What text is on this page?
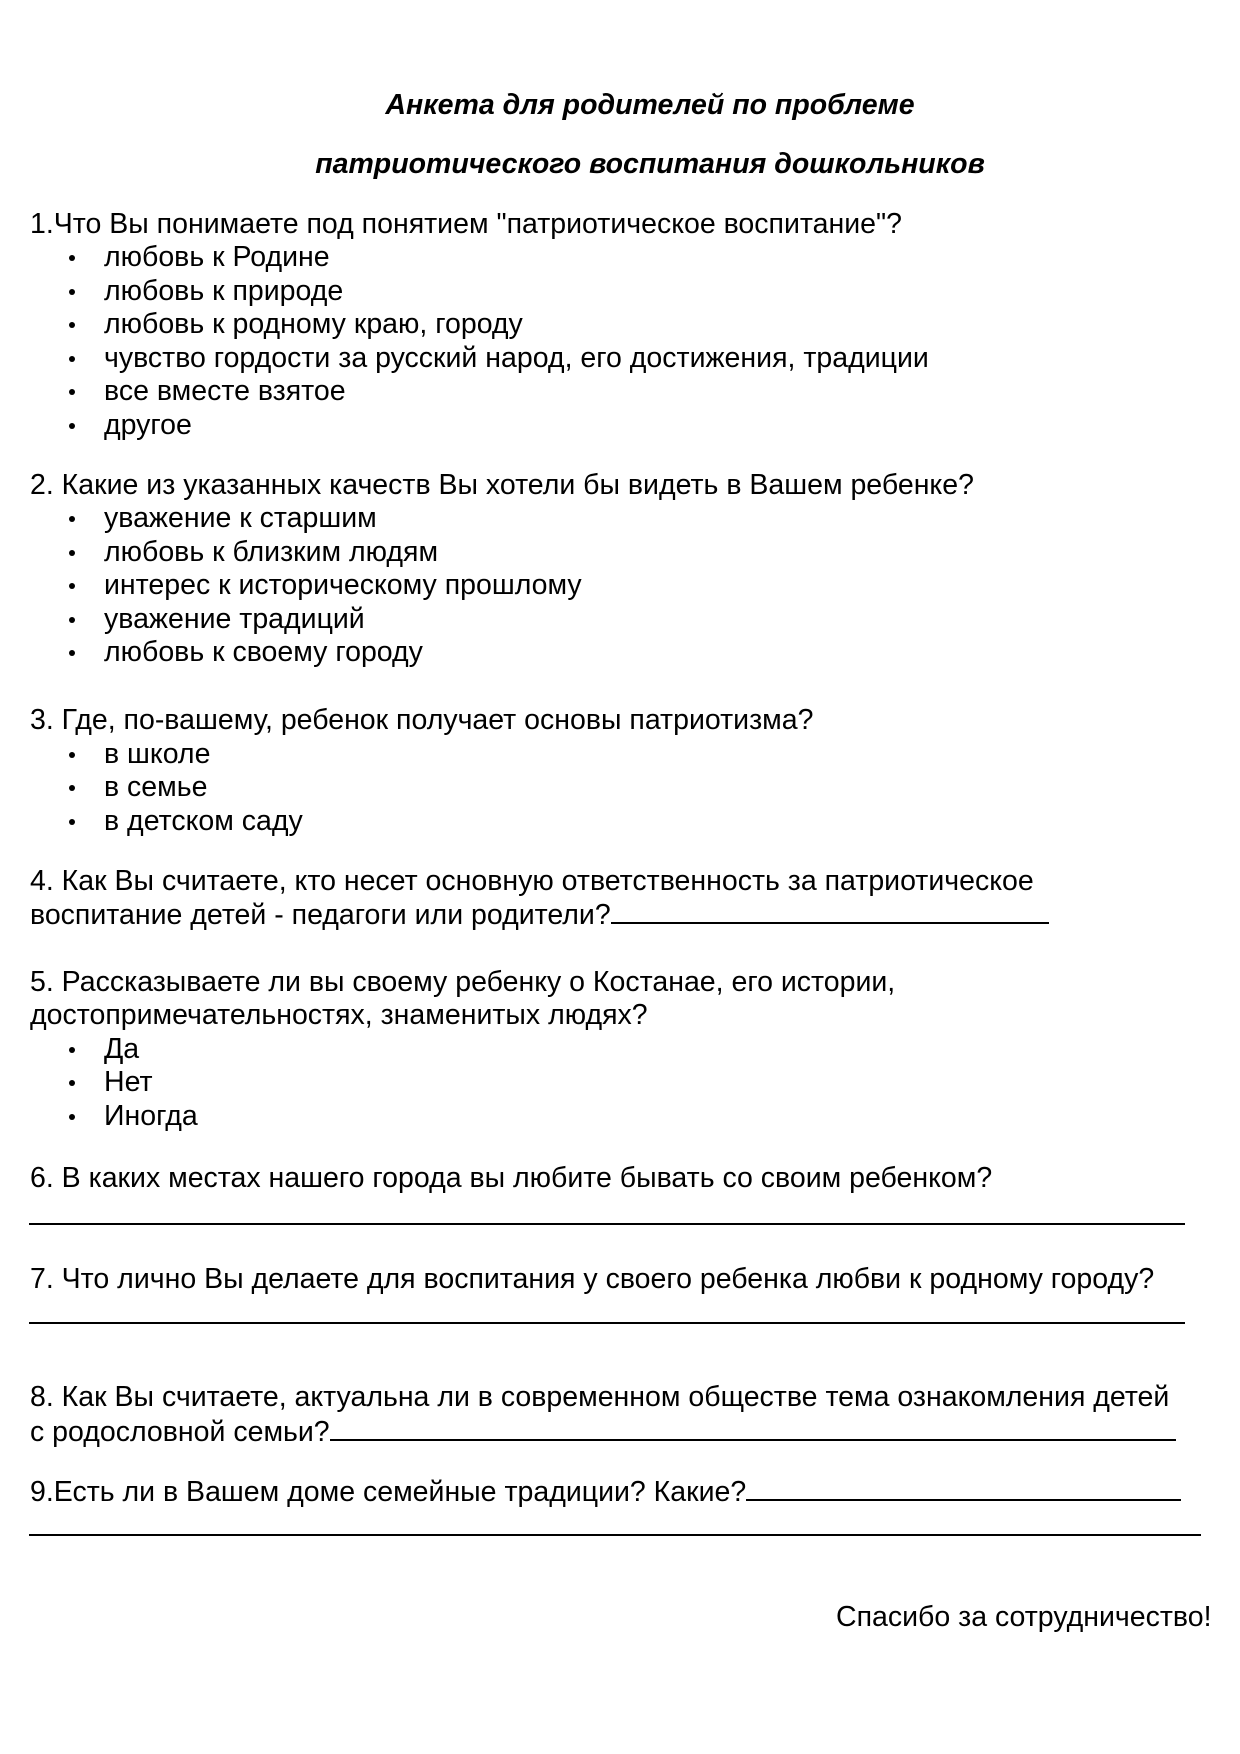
Анкета для родителей по проблеме
патриотического воспитания дошкольников
1.Что Вы понимаете под понятием "патриотическое воспитание"?
любовь к Родине
любовь к природе
любовь к родному краю, городу
чувство гордости за русский народ, его достижения, традиции
все вместе взятое
другое
2. Какие из указанных качеств Вы хотели бы видеть в Вашем ребенке?
уважение к старшим
любовь к близким людям
интерес к историческому прошлому
уважение традиций
любовь к своему городу
3. Где, по-вашему, ребенок получает основы патриотизма?
в школе
в семье
в детском саду
4. Как Вы считаете, кто несет основную ответственность за патриотическое
воспитание детей - педагоги или родители?
5. Рассказываете ли вы своему ребенку о Костанае, его истории,
достопримечательностях, знаменитых людях?
Да
Нет
Иногда
6. В каких местах нашего города вы любите бывать со своим ребенком?
7. Что лично Вы делаете для воспитания у своего ребенка любви к родному городу?
8. Как Вы считаете, актуальна ли в современном обществе тема ознакомления детей
с родословной семьи?
9.Есть ли в Вашем доме семейные традиции? Какие?
Спасибо за сотрудничество!
